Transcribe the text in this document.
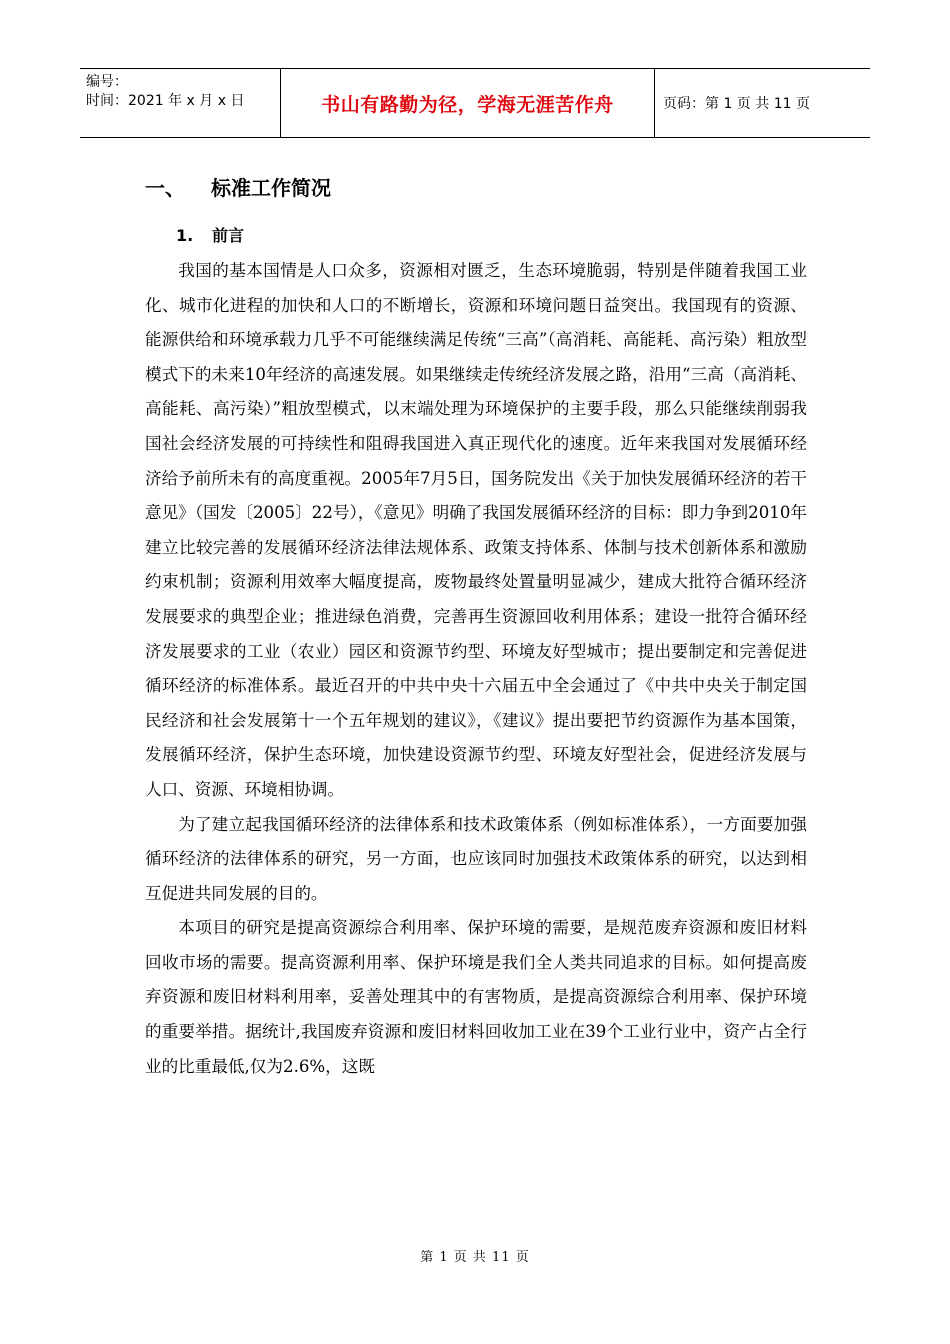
编号：
时间：2021 年 x 月 x 日	书山有路勤为径，学海无涯苦作舟	页码：第 1 页 共 11 页
一、 标准工作简况
1. 前言

我国的基本国情是人口众多，资源相对匮乏，生态环境脆弱，特别是伴随着我国工业化、城市化进程的加快和人口的不断增长，资源和环境问题日益突出。我国现有的资源、能源供给和环境承载力几乎不可能继续满足传统“三高”（高消耗、高能耗、高污染）粗放型模式下的未来10年经济的高速发展。如果继续走传统经济发展之路，沿用“三高（高消耗、高能耗、高污染）”粗放型模式，以末端处理为环境保护的主要手段，那么只能继续削弱我国社会经济发展的可持续性和阻碍我国进入真正现代化的速度。近年来我国对发展循环经济给予前所未有的高度重视。2005年7月5日，国务院发出《关于加快发展循环经济的若干意见》（国发〔2005〕22号），《意见》明确了我国发展循环经济的目标：即力争到2010年建立比较完善的发展循环经济法律法规体系、政策支持体系、体制与技术创新体系和激励约束机制；资源利用效率大幅度提高，废物最终处置量明显减少，建成大批符合循环经济发展要求的典型企业；推进绿色消费，完善再生资源回收利用体系；建设一批符合循环经济发展要求的工业（农业）园区和资源节约型、环境友好型城市；提出要制定和完善促进循环经济的标准体系。最近召开的中共中央十六届五中全会通过了《中共中央关于制定国民经济和社会发展第十一个五年规划的建议》，《建议》提出要把节约资源作为基本国策，发展循环经济，保护生态环境，加快建设资源节约型、环境友好型社会，促进经济发展与人口、资源、环境相协调。

为了建立起我国循环经济的法律体系和技术政策体系（例如标准体系），一方面要加强循环经济的法律体系的研究，另一方面，也应该同时加强技术政策体系的研究，以达到相互促进共同发展的目的。

本项目的研究是提高资源综合利用率、保护环境的需要，是规范废弃资源和废旧材料回收市场的需要。提高资源利用率、保护环境是我们全人类共同追求的目标。如何提高废弃资源和废旧材料利用率，妥善处理其中的有害物质，是提高资源综合利用率、保护环境的重要举措。据统计,我国废弃资源和废旧材料回收加工业在39个工业行业中，资产占全行业的比重最低,仅为2.6%，这既

第 1 页 共 11 页
